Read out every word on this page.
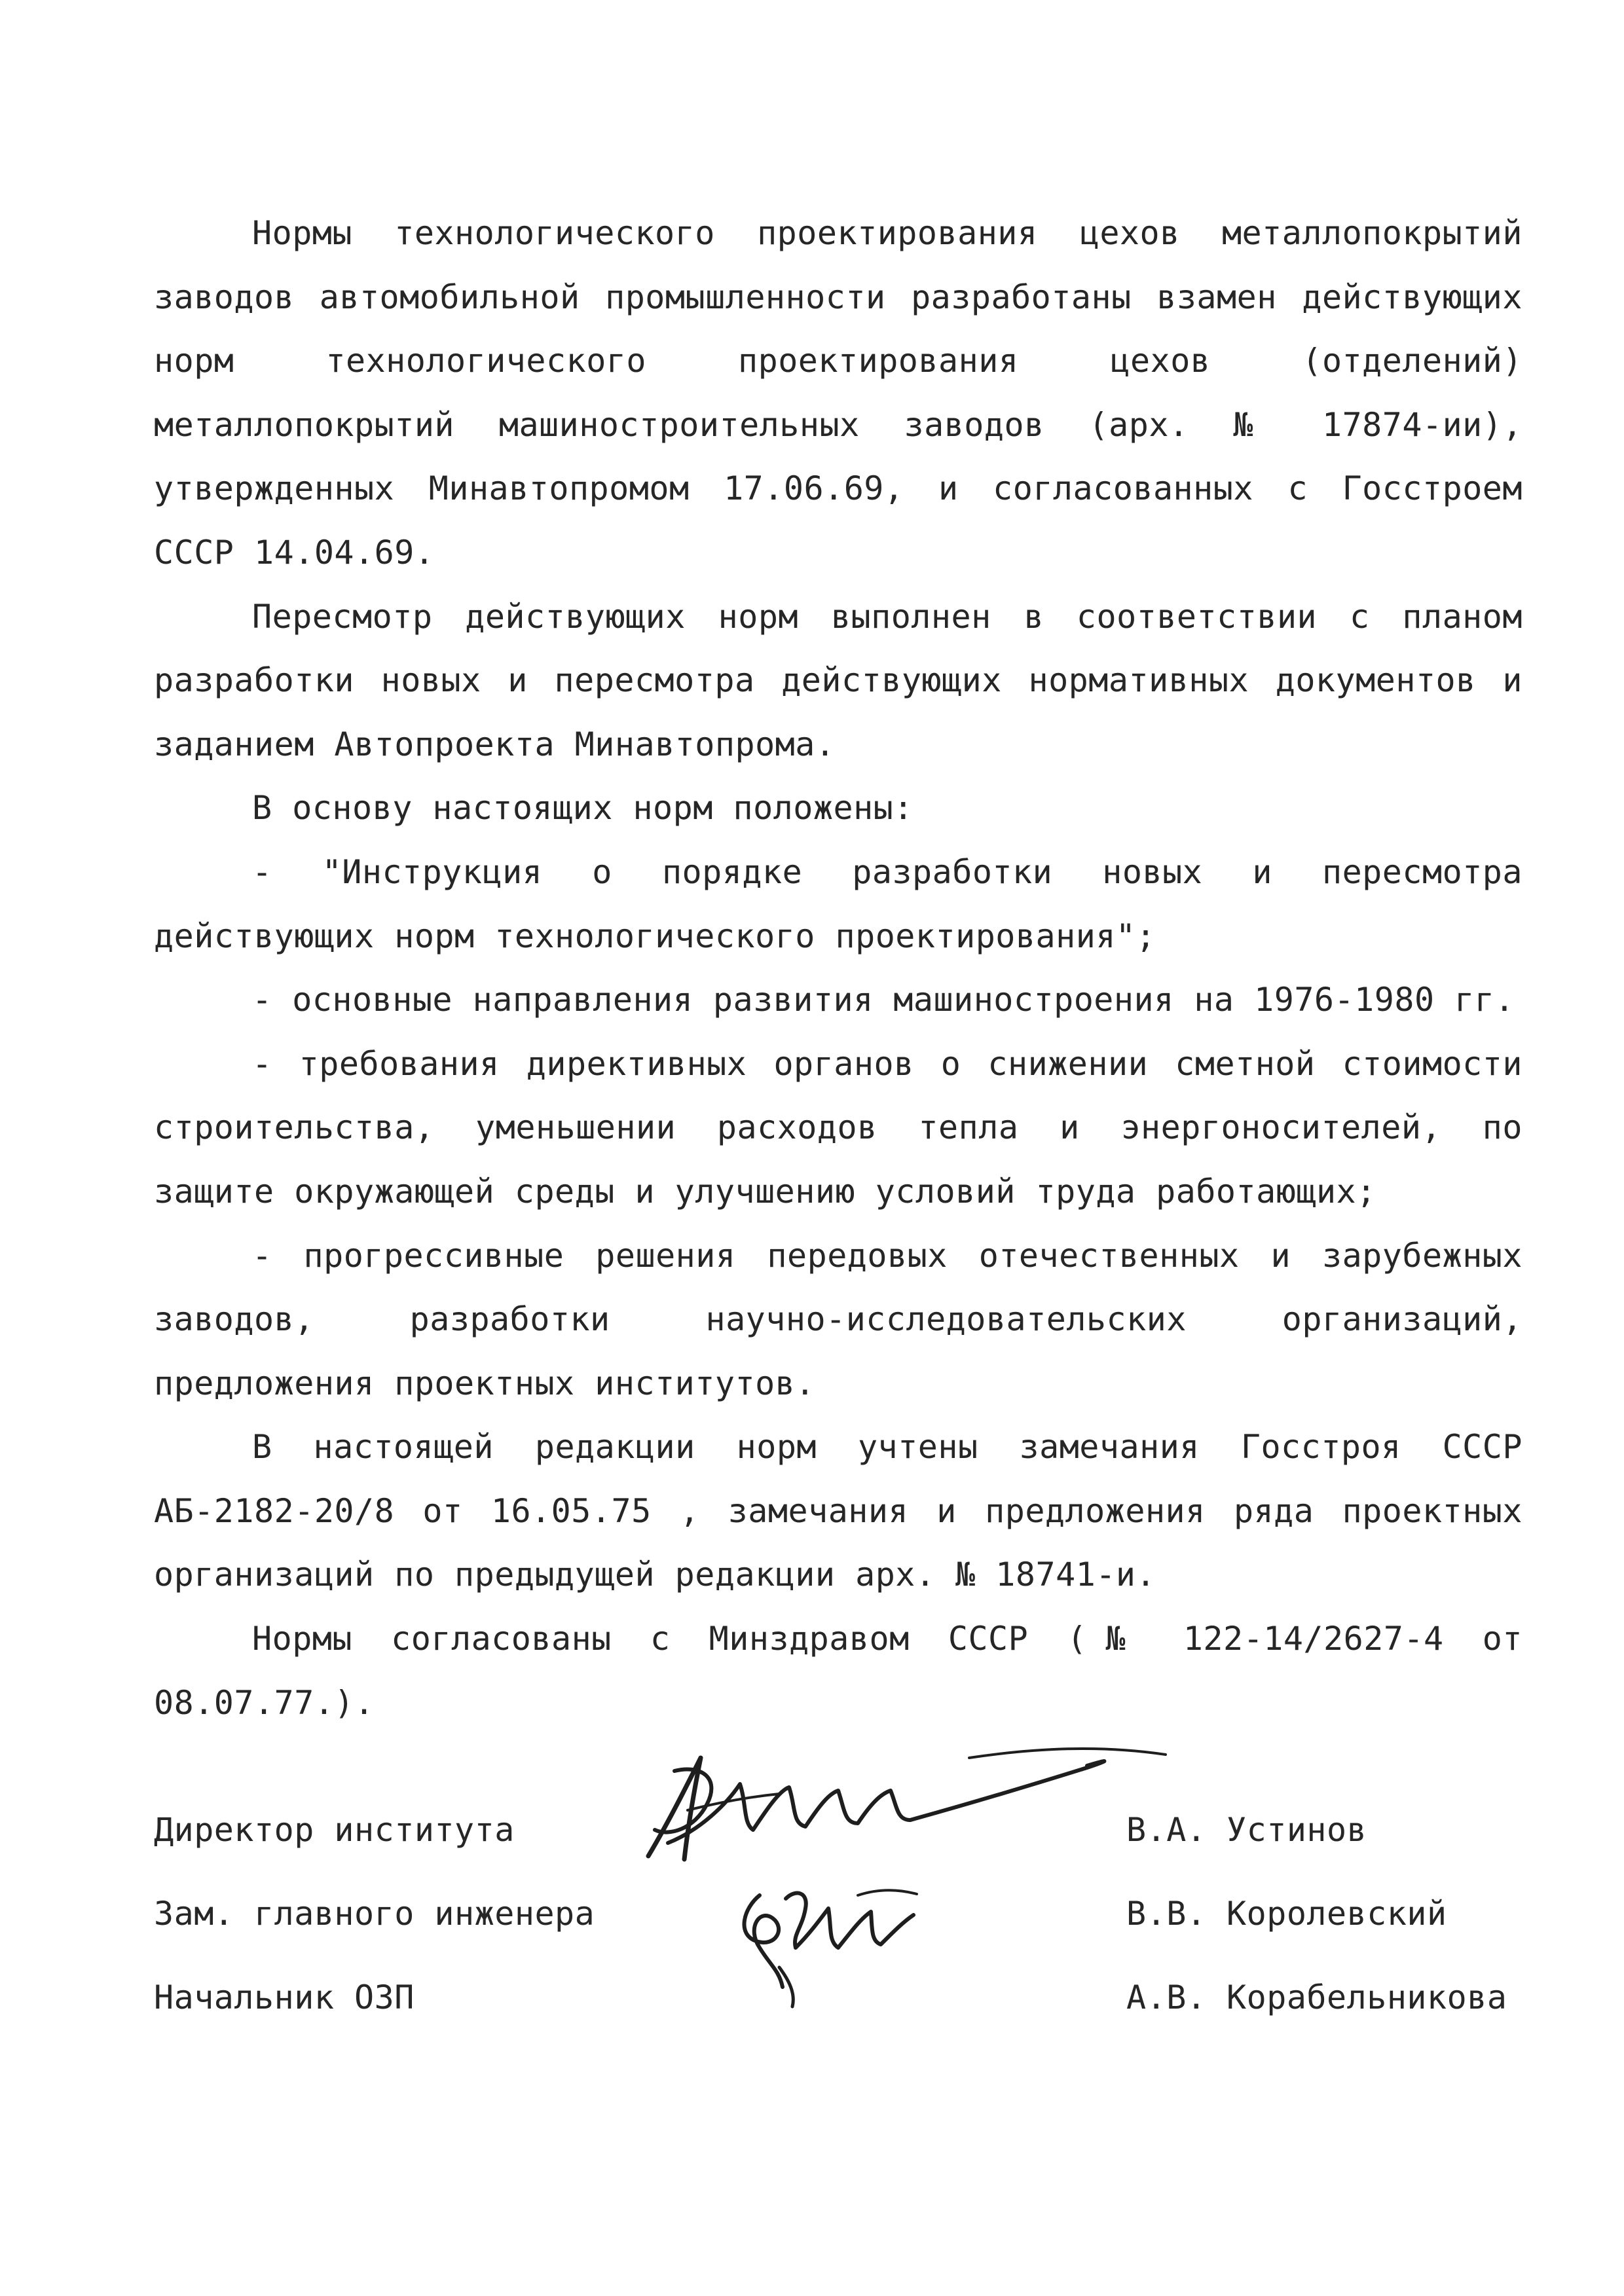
Нормы технологического проектирования цехов металлопокрытий заводов автомобильной промышленности разработаны взамен действующих норм технологического проектирования цехов (отделений) металлопокрытий машиностроительных заводов (арх. № 17874-ии), утвержденных Минавтопромом 17.06.69, и согласованных с Госстроем СССР 14.04.69.

Пересмотр действующих норм выполнен в соответствии с планом разработки новых и пересмотра действующих нормативных документов и заданием Автопроекта Минавтопрома.

В основу настоящих норм положены:

- "Инструкция о порядке разработки новых и пересмотра действующих норм технологического проектирования";

- основные направления развития машиностроения на 1976-1980 гг.

- требования директивных органов о снижении сметной стоимости строительства, уменьшении расходов тепла и энергоносителей, по защите окружающей среды и улучшению условий труда работающих;

- прогрессивные решения передовых отечественных и зарубежных заводов, разработки научно-исследовательских организаций, предложения проектных институтов.

В настоящей редакции норм учтены замечания Госстроя СССР АБ-2182-20/8 от 16.05.75 , замечания и предложения ряда проектных организаций по предыдущей редакции арх. № 18741-и.

Нормы согласованы с Минздравом СССР (№ 122-14/2627-4 от 08.07.77.).

Директор института	В.А. Устинов
Зам. главного инженера	В.В. Королевский
Начальник ОЗП	А.В. Корабельникова
